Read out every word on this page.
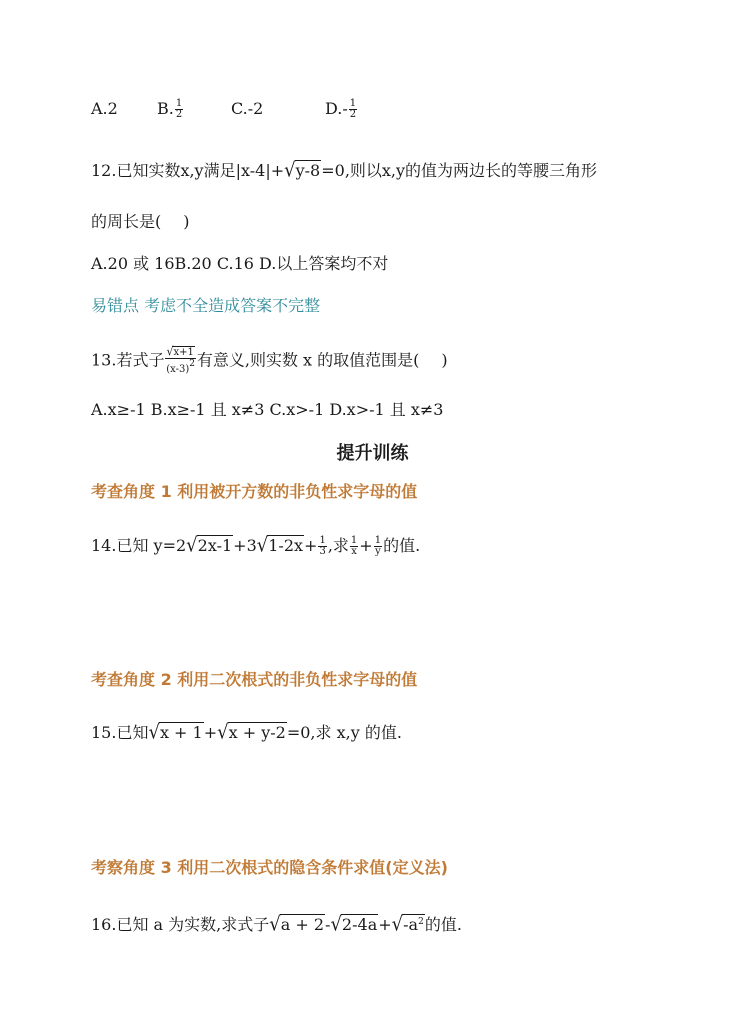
A.2 B. $\frac{1}{2}$	C.-2	$D.- \frac{1}{2}$
12.已知实数x,y满足|x-4|+√y-8=0,则以x,y的值为两边长的等腰三角形
的周长是( )
A.20 或 16B.20 C.16 D.以上答案均不对
易错点 考虑不全造成答案不完整
13.若式子 $\frac{√x+1}{(x-3)^2}$ 有意义,则实数 x 的取值范围是( )
A.x≥-1 B.x≥-1 且 x≠3 C.x>-1 D.x>-1 且 x≠3
提升训练
考查角度 1 利用被开方数的非负性求字母的值
14.已知 $y=2√2x-1+3√1-2x+ \frac{1}{3}$ ,求 $\frac{1}{x} + \frac{1}{y}$ 的值.
考查角度 2 利用二次根式的非负性求字母的值
15.已知√x + 1+√x + y-2=0,求 x,y 的值.
考察角度 3 利用二次根式的隐含条件求值(定义法)
16.已知 a 为实数,求式子$√a + 2-√2-4a+√-a^2$的值.
